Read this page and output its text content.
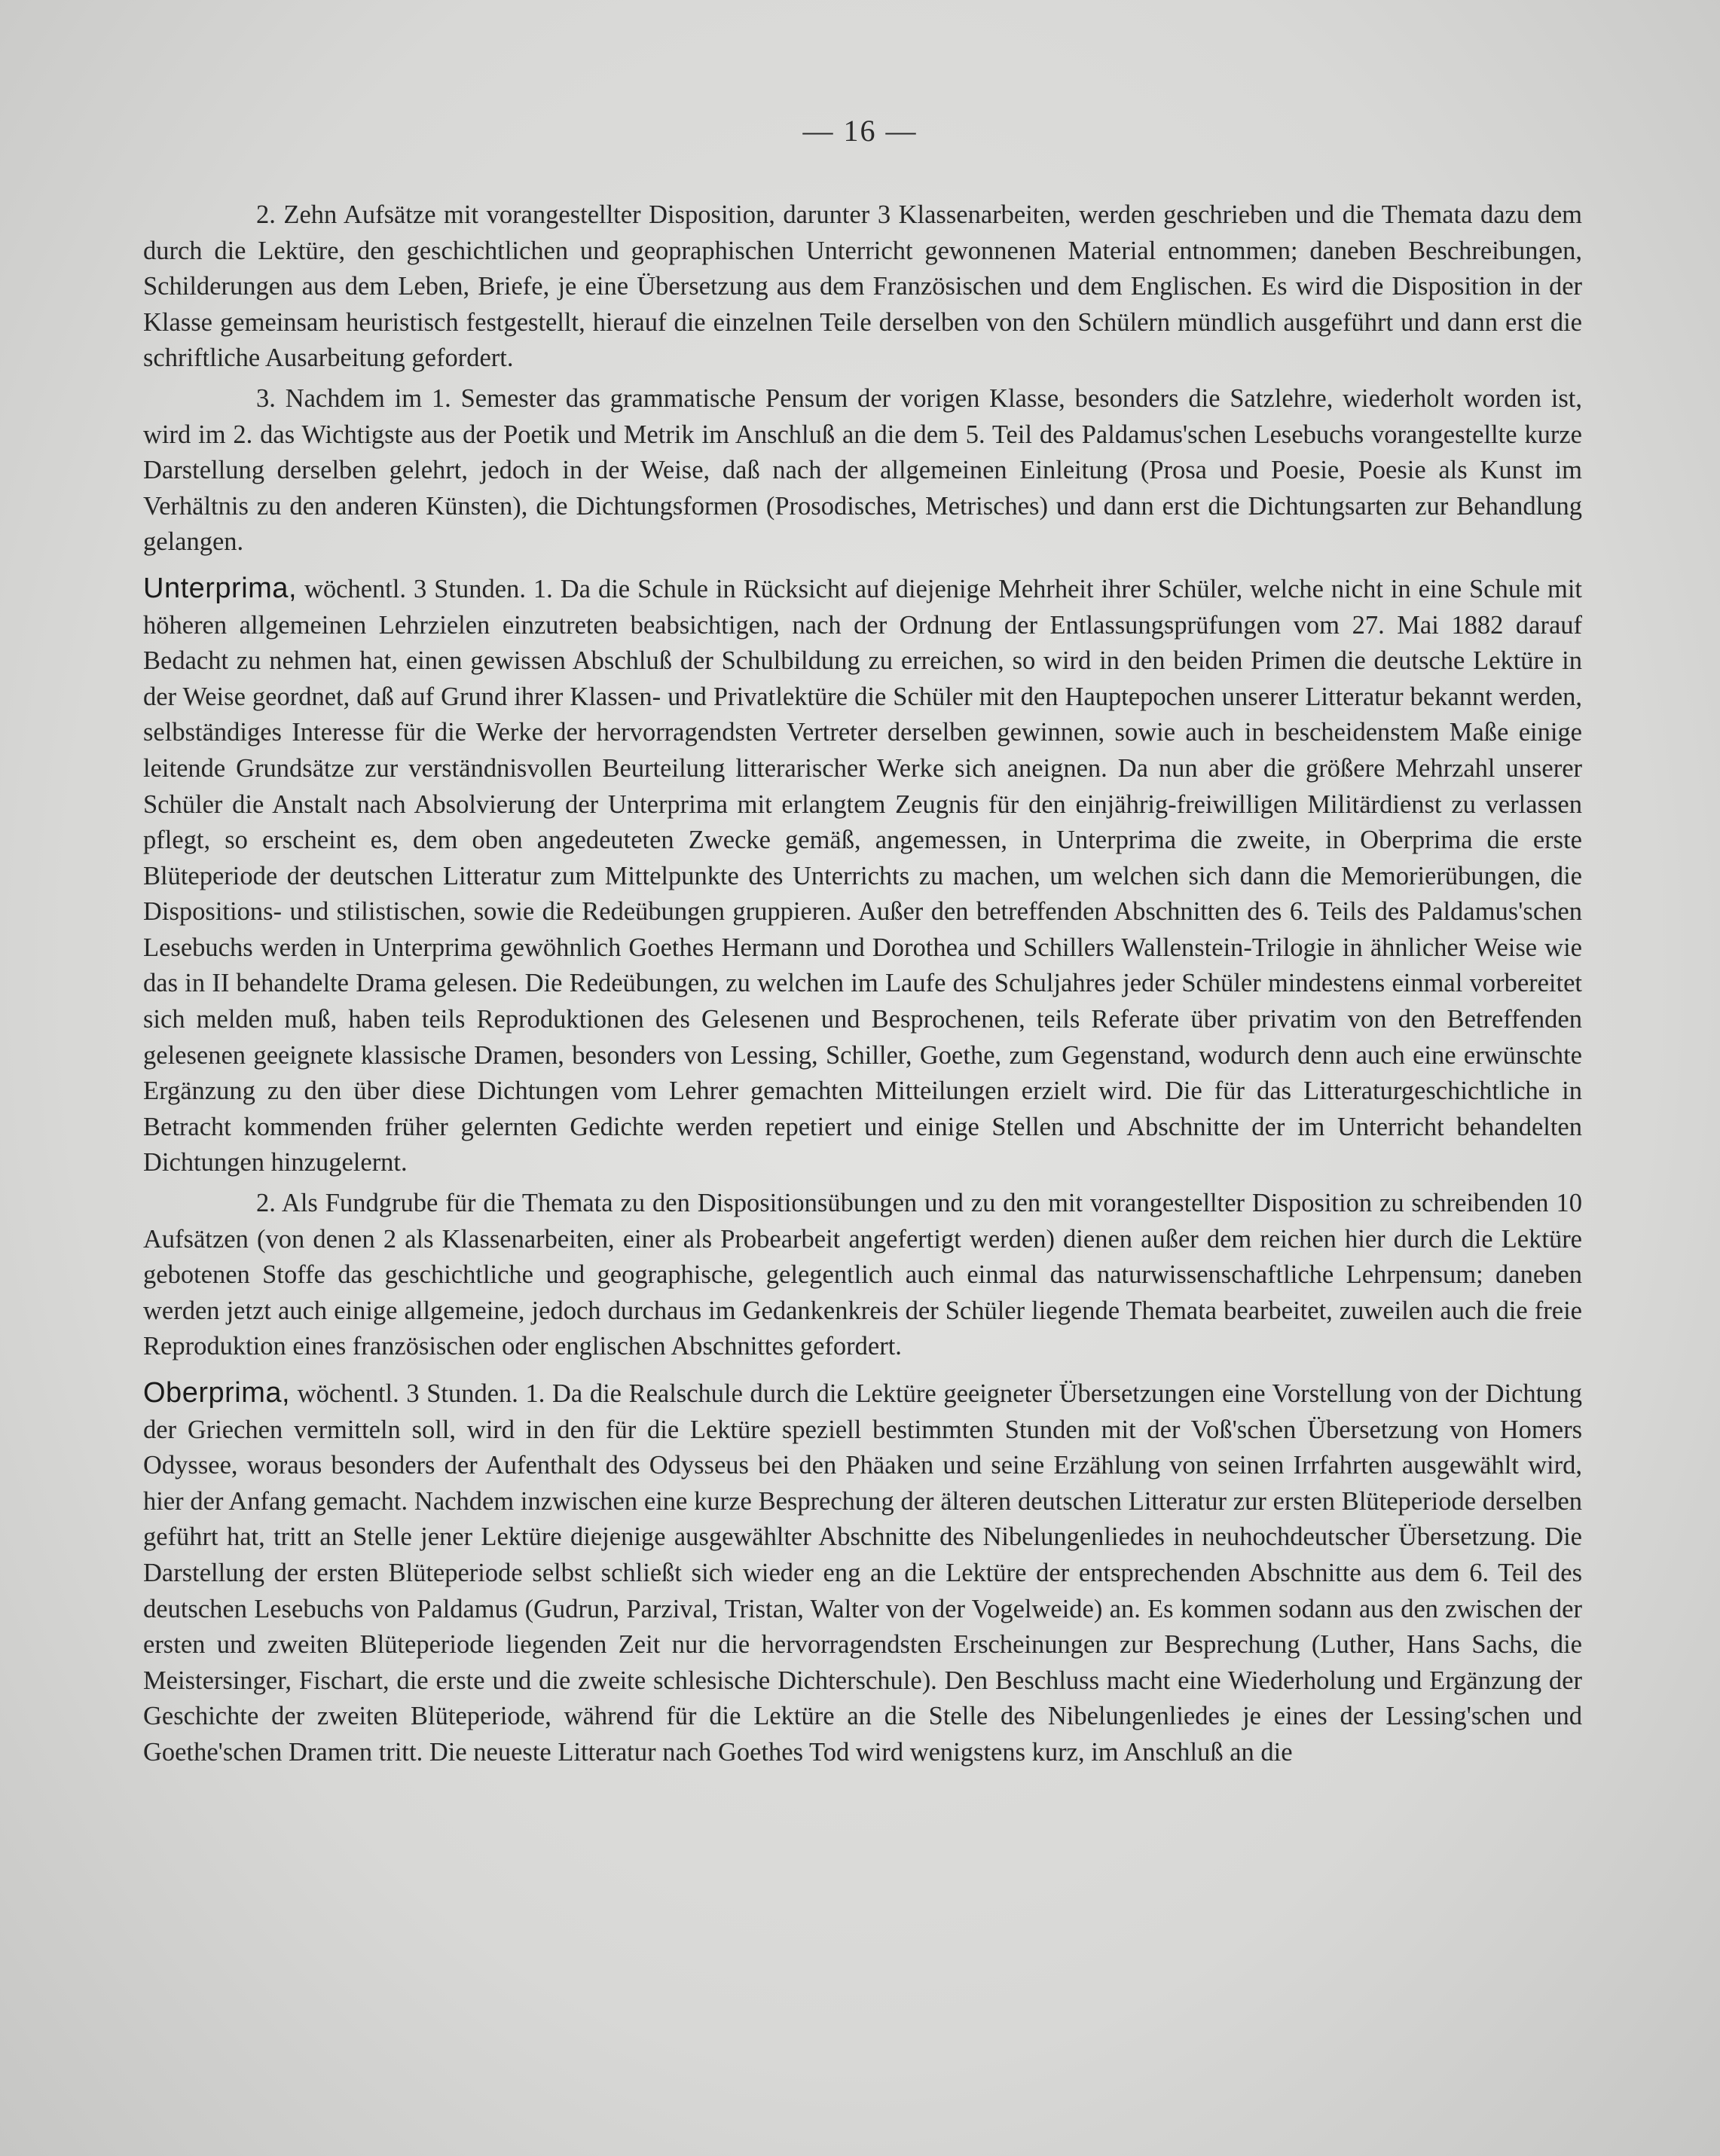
— 16 —

2. Zehn Aufsätze mit vorangestellter Disposition, darunter 3 Klassenarbeiten, werden geschrieben und die Themata dazu dem durch die Lektüre, den geschichtlichen und geopraphischen Unterricht gewonnenen Material entnommen; daneben Beschreibungen, Schilderungen aus dem Leben, Briefe, je eine Übersetzung aus dem Französischen und dem Englischen. Es wird die Disposition in der Klasse gemeinsam heuristisch festgestellt, hierauf die einzelnen Teile derselben von den Schülern mündlich ausgeführt und dann erst die schriftliche Ausarbeitung gefordert.

3. Nachdem im 1. Semester das grammatische Pensum der vorigen Klasse, besonders die Satzlehre, wiederholt worden ist, wird im 2. das Wichtigste aus der Poetik und Metrik im Anschluß an die dem 5. Teil des Paldamus'schen Lesebuchs vorangestellte kurze Darstellung derselben gelehrt, jedoch in der Weise, daß nach der allgemeinen Einleitung (Prosa und Poesie, Poesie als Kunst im Verhältnis zu den anderen Künsten), die Dichtungsformen (Prosodisches, Metrisches) und dann erst die Dichtungsarten zur Behandlung gelangen.

Unterprima, wöchentl. 3 Stunden. 1. Da die Schule in Rücksicht auf diejenige Mehrheit ihrer Schüler, welche nicht in eine Schule mit höheren allgemeinen Lehrzielen einzutreten beabsichtigen, nach der Ordnung der Entlassungsprüfungen vom 27. Mai 1882 darauf Bedacht zu nehmen hat, einen gewissen Abschluß der Schulbildung zu erreichen, so wird in den beiden Primen die deutsche Lektüre in der Weise geordnet, daß auf Grund ihrer Klassen- und Privatlektüre die Schüler mit den Hauptepochen unserer Litteratur bekannt werden, selbständiges Interesse für die Werke der hervorragendsten Vertreter derselben gewinnen, sowie auch in bescheidenstem Maße einige leitende Grundsätze zur verständnisvollen Beurteilung litterarischer Werke sich aneignen. Da nun aber die größere Mehrzahl unserer Schüler die Anstalt nach Absolvierung der Unterprima mit erlangtem Zeugnis für den einjährig-freiwilligen Militärdienst zu verlassen pflegt, so erscheint es, dem oben angedeuteten Zwecke gemäß, angemessen, in Unterprima die zweite, in Oberprima die erste Blüteperiode der deutschen Litteratur zum Mittelpunkte des Unterrichts zu machen, um welchen sich dann die Memorierübungen, die Dispositions- und stilistischen, sowie die Redeübungen gruppieren. Außer den betreffenden Abschnitten des 6. Teils des Paldamus'schen Lesebuchs werden in Unterprima gewöhnlich Goethes Hermann und Dorothea und Schillers Wallenstein-Trilogie in ähnlicher Weise wie das in II behandelte Drama gelesen. Die Redeübungen, zu welchen im Laufe des Schuljahres jeder Schüler mindestens einmal vorbereitet sich melden muß, haben teils Reproduktionen des Gelesenen und Besprochenen, teils Referate über privatim von den Betreffenden gelesenen geeignete klassische Dramen, besonders von Lessing, Schiller, Goethe, zum Gegenstand, wodurch denn auch eine erwünschte Ergänzung zu den über diese Dichtungen vom Lehrer gemachten Mitteilungen erzielt wird. Die für das Litteraturgeschichtliche in Betracht kommenden früher gelernten Gedichte werden repetiert und einige Stellen und Abschnitte der im Unterricht behandelten Dichtungen hinzugelernt.

2. Als Fundgrube für die Themata zu den Dispositionsübungen und zu den mit vorangestellter Disposition zu schreibenden 10 Aufsätzen (von denen 2 als Klassenarbeiten, einer als Probearbeit angefertigt werden) dienen außer dem reichen hier durch die Lektüre gebotenen Stoffe das geschichtliche und geographische, gelegentlich auch einmal das naturwissenschaftliche Lehrpensum; daneben werden jetzt auch einige allgemeine, jedoch durchaus im Gedankenkreis der Schüler liegende Themata bearbeitet, zuweilen auch die freie Reproduktion eines französischen oder englischen Abschnittes gefordert.

Oberprima, wöchentl. 3 Stunden. 1. Da die Realschule durch die Lektüre geeigneter Übersetzungen eine Vorstellung von der Dichtung der Griechen vermitteln soll, wird in den für die Lektüre speziell bestimmten Stunden mit der Voß'schen Übersetzung von Homers Odyssee, woraus besonders der Aufenthalt des Odysseus bei den Phäaken und seine Erzählung von seinen Irrfahrten ausgewählt wird, hier der Anfang gemacht. Nachdem inzwischen eine kurze Besprechung der älteren deutschen Litteratur zur ersten Blüteperiode derselben geführt hat, tritt an Stelle jener Lektüre diejenige ausgewählter Abschnitte des Nibelungenliedes in neuhochdeutscher Übersetzung. Die Darstellung der ersten Blüteperiode selbst schließt sich wieder eng an die Lektüre der entsprechenden Abschnitte aus dem 6. Teil des deutschen Lesebuchs von Paldamus (Gudrun, Parzival, Tristan, Walter von der Vogelweide) an. Es kommen sodann aus den zwischen der ersten und zweiten Blüteperiode liegenden Zeit nur die hervorragendsten Erscheinungen zur Besprechung (Luther, Hans Sachs, die Meistersinger, Fischart, die erste und die zweite schlesische Dichterschule). Den Beschluss macht eine Wiederholung und Ergänzung der Geschichte der zweiten Blüteperiode, während für die Lektüre an die Stelle des Nibelungenliedes je eines der Lessing'schen und Goethe'schen Dramen tritt. Die neueste Litteratur nach Goethes Tod wird wenigstens kurz, im Anschluß an die
